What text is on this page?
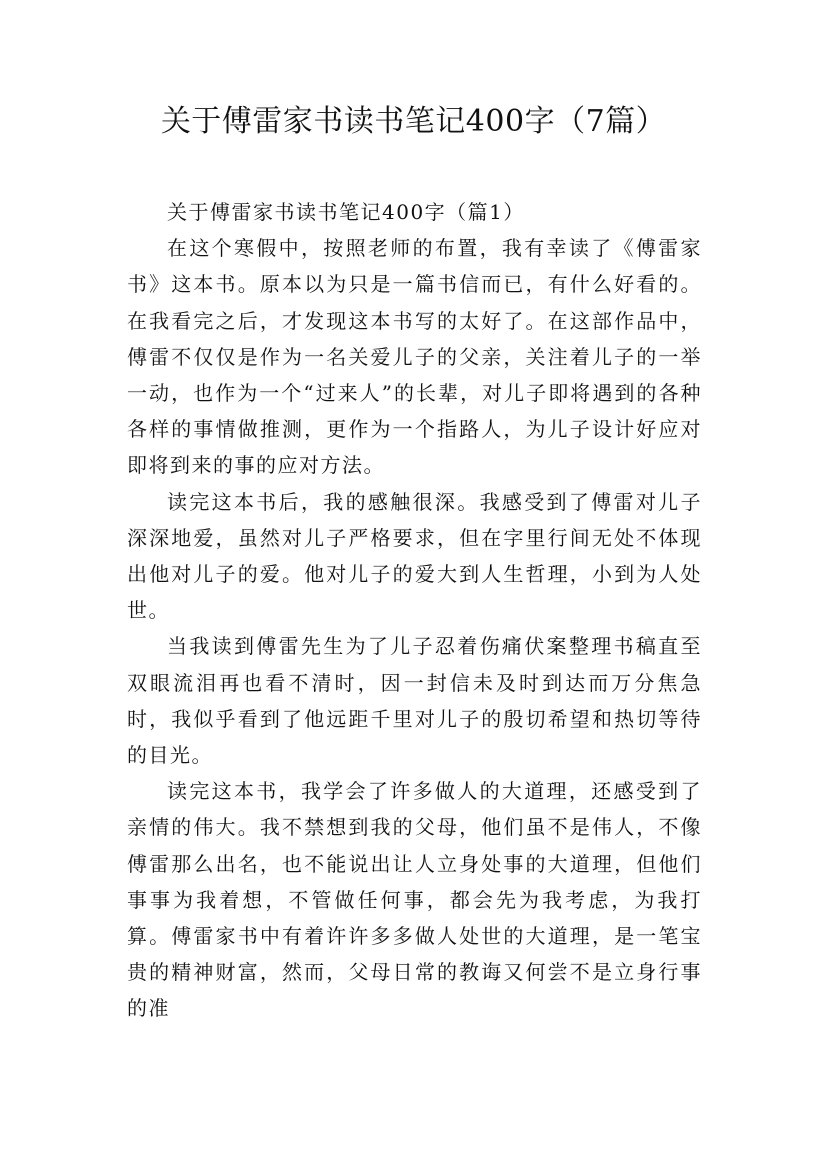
关于傅雷家书读书笔记400字（7篇）

关于傅雷家书读书笔记400字（篇1）

在这个寒假中，按照老师的布置，我有幸读了《傅雷家书》这本书。原本以为只是一篇书信而已，有什么好看的。在我看完之后，才发现这本书写的太好了。在这部作品中，傅雷不仅仅是作为一名关爱儿子的父亲，关注着儿子的一举一动，也作为一个“过来人”的长辈，对儿子即将遇到的各种各样的事情做推测，更作为一个指路人，为儿子设计好应对即将到来的事的应对方法。

读完这本书后，我的感触很深。我感受到了傅雷对儿子深深地爱，虽然对儿子严格要求，但在字里行间无处不体现出他对儿子的爱。他对儿子的爱大到人生哲理，小到为人处世。

当我读到傅雷先生为了儿子忍着伤痛伏案整理书稿直至双眼流泪再也看不清时，因一封信未及时到达而万分焦急时，我似乎看到了他远距千里对儿子的殷切希望和热切等待的目光。

读完这本书，我学会了许多做人的大道理，还感受到了亲情的伟大。我不禁想到我的父母，他们虽不是伟人，不像傅雷那么出名，也不能说出让人立身处事的大道理，但他们事事为我着想，不管做任何事，都会先为我考虑，为我打算。傅雷家书中有着许许多多做人处世的大道理，是一笔宝贵的精神财富，然而，父母日常的教诲又何尝不是立身行事的准
